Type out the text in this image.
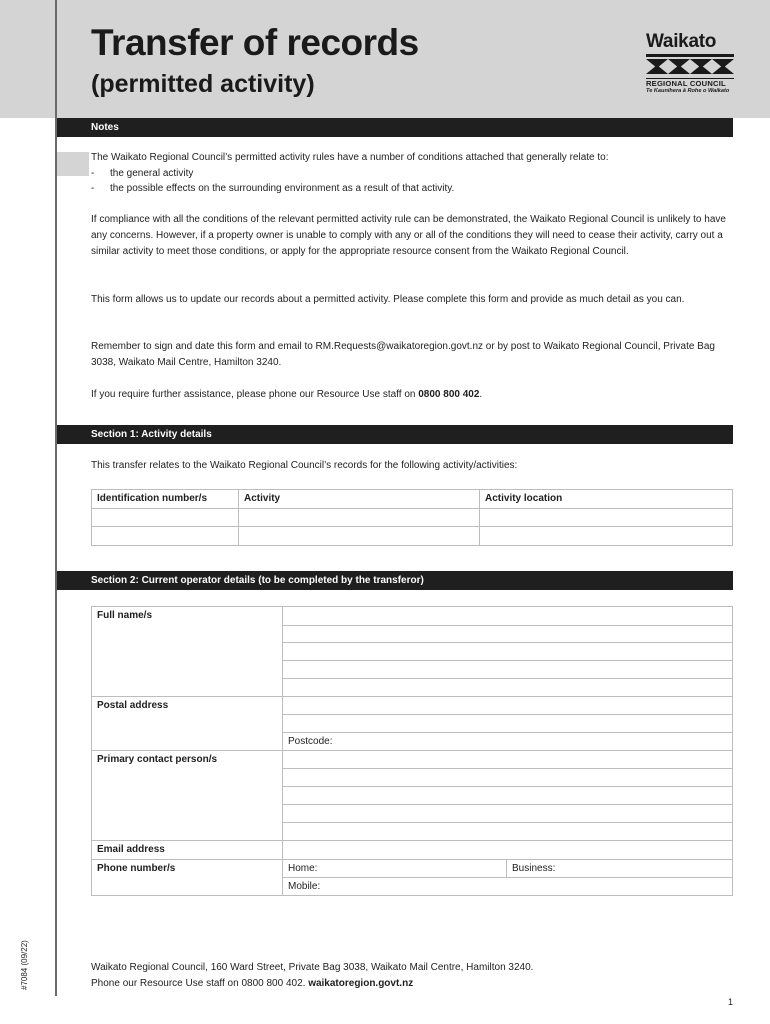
Transfer of records
(permitted activity)
Waikato
REGIONAL COUNCIL
Te Kaunihera ā Rohe o Waikato
Notes
The Waikato Regional Council’s permitted activity rules have a number of conditions attached that generally relate to:
- the general activity
- the possible effects on the surrounding environment as a result of that activity.
If compliance with all the conditions of the relevant permitted activity rule can be demonstrated, the Waikato Regional Council is unlikely to have any concerns. However, if a property owner is unable to comply with any or all of the conditions they will need to cease their activity, carry out a similar activity to meet those conditions, or apply for the appropriate resource consent from the Waikato Regional Council.
This form allows us to update our records about a permitted activity. Please complete this form and provide as much detail as you can.
Remember to sign and date this form and email to RM.Requests@waikatoregion.govt.nz or by post to Waikato Regional Council, Private Bag 3038, Waikato Mail Centre, Hamilton 3240.
If you require further assistance, please phone our Resource Use staff on 0800 800 402.
Section 1: Activity details
This transfer relates to the Waikato Regional Council’s records for the following activity/activities:
Identification number/s	Activity	Activity location

Section 2: Current operator details (to be completed by the transferor)
Full name/s		

Postal address		

	Postcode:	
Primary contact person/s		

Email address		
Phone number/s	Home:	Business:
	Mobile:	
Waikato Regional Council, 160 Ward Street, Private Bag 3038, Waikato Mail Centre, Hamilton 3240.
Phone our Resource Use staff on 0800 800 402. waikatoregion.govt.nz
#7084 (09/22)
1
